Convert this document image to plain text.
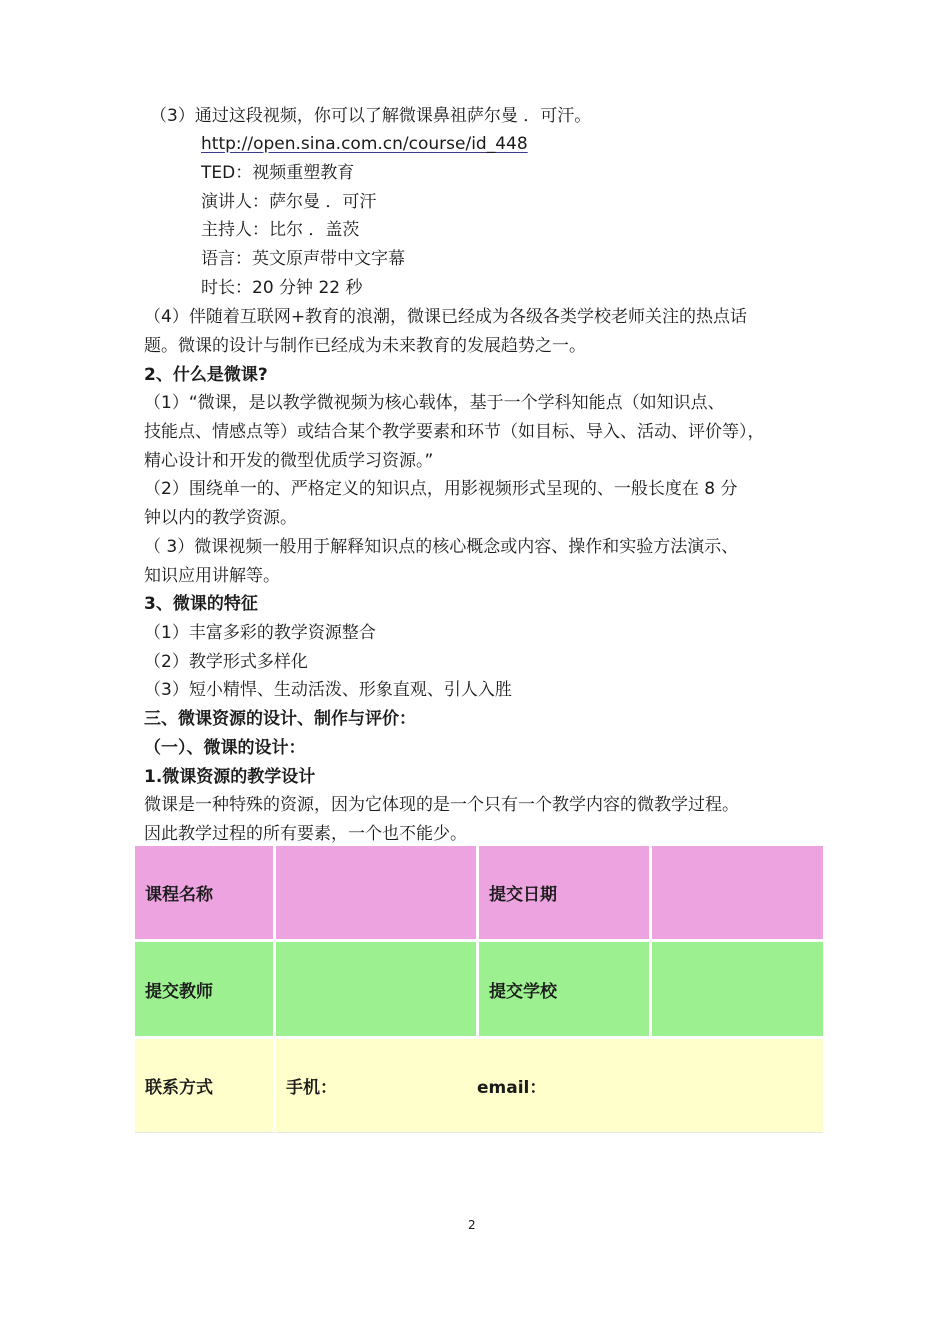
（3）通过这段视频，你可以了解微课鼻祖萨尔曼 ．可汗。
http://open.sina.com.cn/course/id_448
TED：视频重塑教育
演讲人：萨尔曼 ．可汗
主持人：比尔 ．盖茨
语言：英文原声带中文字幕
时长：20 分钟 22 秒
（4）伴随着互联网+教育的浪潮，微课已经成为各级各类学校老师关注的热点话
题。微课的设计与制作已经成为未来教育的发展趋势之一。
2、什么是微课?
（1）“微课，是以教学微视频为核心载体，基于一个学科知能点（如知识点、
技能点、情感点等）或结合某个教学要素和环节（如目标、导入、活动、评价等），
精心设计和开发的微型优质学习资源。”
（2）围绕单一的、严格定义的知识点，用影视频形式呈现的、一般长度在 8 分
钟以内的教学资源。
（ 3）微课视频一般用于解释知识点的核心概念或内容、操作和实验方法演示、
知识应用讲解等。
3、微课的特征
（1）丰富多彩的教学资源整合
（2）教学形式多样化
（3）短小精悍、生动活泼、形象直观、引人入胜
三、微课资源的设计、制作与评价：
（一）、微课的设计：
1.微课资源的教学设计
微课是一种特殊的资源，因为它体现的是一个只有一个教学内容的微教学过程。
因此教学过程的所有要素，一个也不能少。
课程名称		提交日期	
提交教师		提交学校	
联系方式	手机： email：		
2
